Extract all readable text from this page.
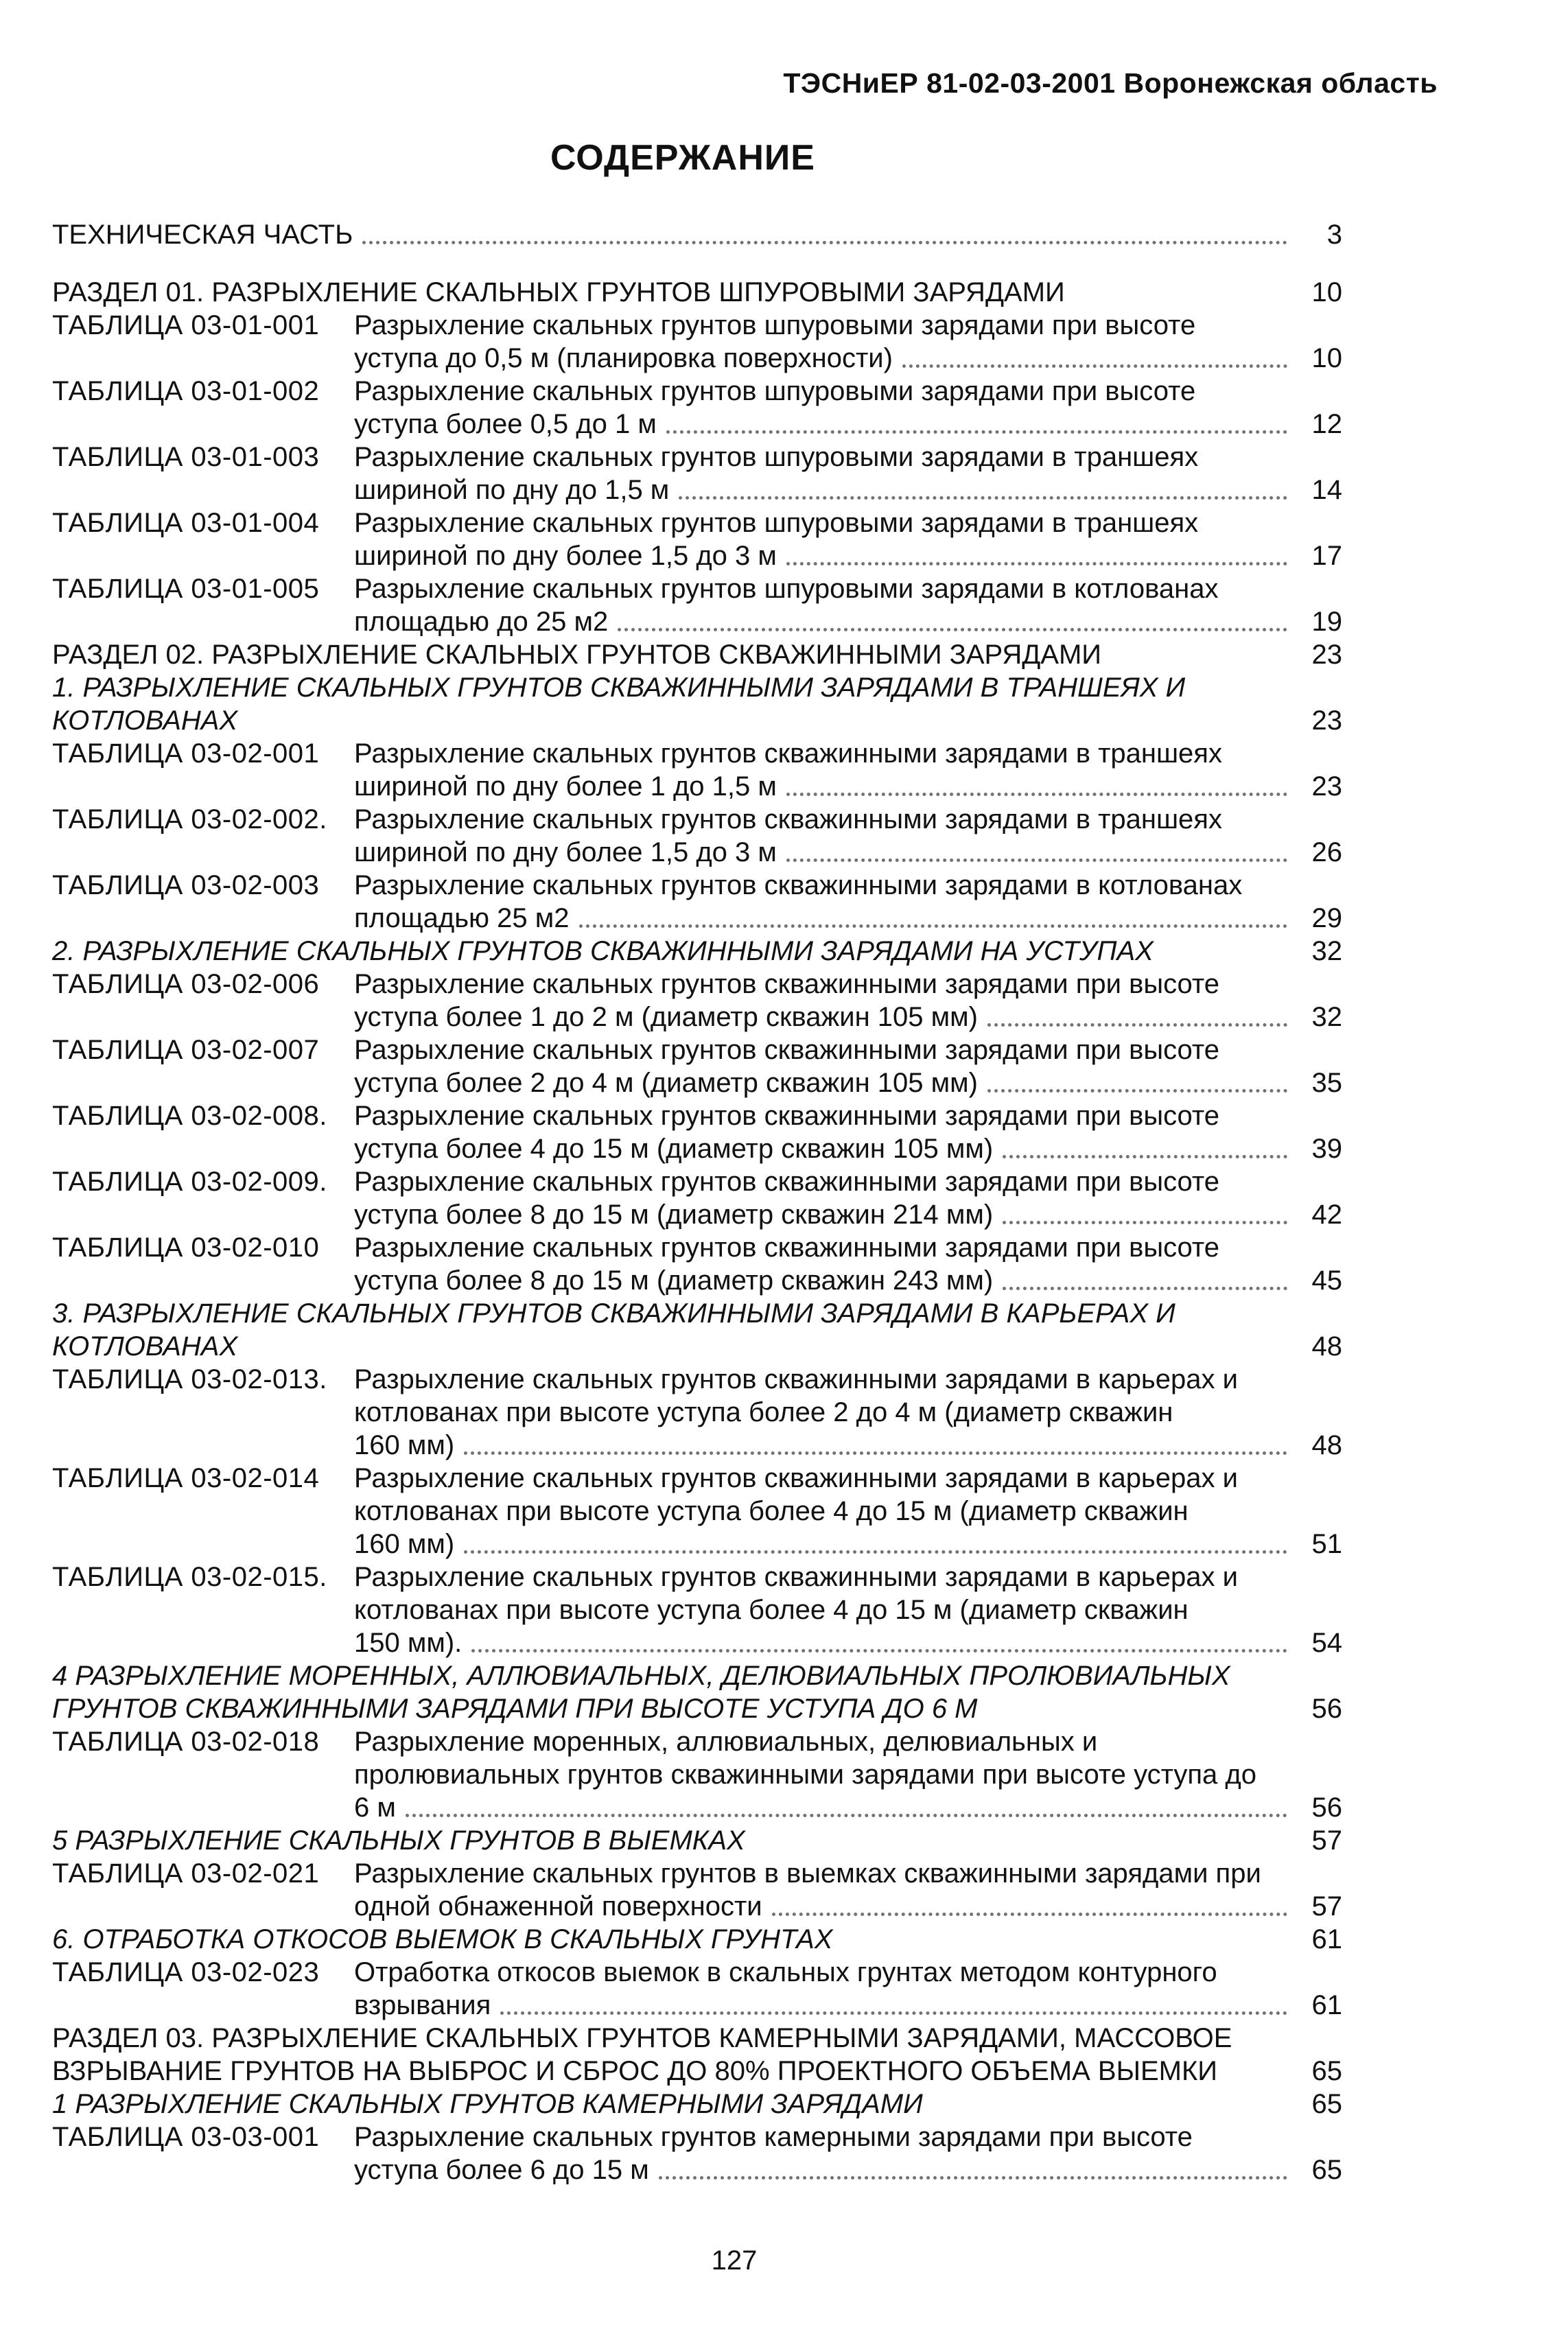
ТЭСНиЕР 81-02-03-2001 Воронежская область
СОДЕРЖАНИЕ
ТЕХНИЧЕСКАЯ ЧАСТЬ	3
РАЗДЕЛ 01. РАЗРЫХЛЕНИЕ СКАЛЬНЫХ ГРУНТОВ ШПУРОВЫМИ ЗАРЯДАМИ	10
ТАБЛИЦА 03-01-001	Разрыхление скальных грунтов шпуровыми зарядами при высоте
уступа до 0,5 м (планировка поверхности)	10
ТАБЛИЦА 03-01-002	Разрыхление скальных грунтов шпуровыми зарядами при высоте
уступа более 0,5 до 1 м	12
ТАБЛИЦА 03-01-003	Разрыхление скальных грунтов шпуровыми зарядами в траншеях
шириной по дну до 1,5 м	14
ТАБЛИЦА 03-01-004	Разрыхление скальных грунтов шпуровыми зарядами в траншеях
шириной по дну более 1,5 до 3 м	17
ТАБЛИЦА 03-01-005	Разрыхление скальных грунтов шпуровыми зарядами в котлованах
площадью до 25 м2	19
РАЗДЕЛ 02. РАЗРЫХЛЕНИЕ СКАЛЬНЫХ ГРУНТОВ СКВАЖИННЫМИ ЗАРЯДАМИ	23
1. РАЗРЫХЛЕНИЕ СКАЛЬНЫХ ГРУНТОВ СКВАЖИННЫМИ ЗАРЯДАМИ В ТРАНШЕЯХ И
КОТЛОВАНАХ	23
ТАБЛИЦА 03-02-001	Разрыхление скальных грунтов скважинными зарядами в траншеях
шириной по дну более 1 до 1,5 м	23
ТАБЛИЦА 03-02-002. Разрыхление скальных грунтов скважинными зарядами в траншеях
шириной по дну более 1,5 до 3 м	26
ТАБЛИЦА 03-02-003	Разрыхление скальных грунтов скважинными зарядами в котлованах
площадью 25 м2	29
2. РАЗРЫХЛЕНИЕ СКАЛЬНЫХ ГРУНТОВ СКВАЖИННЫМИ ЗАРЯДАМИ НА УСТУПАХ	32
ТАБЛИЦА 03-02-006	Разрыхление скальных грунтов скважинными зарядами при высоте
уступа более 1 до 2 м (диаметр скважин 105 мм)	32
ТАБЛИЦА 03-02-007	Разрыхление скальных грунтов скважинными зарядами при высоте
уступа более 2 до 4 м (диаметр скважин 105 мм)	35
ТАБЛИЦА 03-02-008. Разрыхление скальных грунтов скважинными зарядами при высоте
уступа более 4 до 15 м (диаметр скважин 105 мм)	39
ТАБЛИЦА 03-02-009. Разрыхление скальных грунтов скважинными зарядами при высоте
уступа более 8 до 15 м (диаметр скважин 214 мм)	42
ТАБЛИЦА 03-02-010	Разрыхление скальных грунтов скважинными зарядами при высоте
уступа более 8 до 15 м (диаметр скважин 243 мм)	45
3. РАЗРЫХЛЕНИЕ СКАЛЬНЫХ ГРУНТОВ СКВАЖИННЫМИ ЗАРЯДАМИ В КАРЬЕРАХ И
КОТЛОВАНАХ	48
ТАБЛИЦА 03-02-013. Разрыхление скальных грунтов скважинными зарядами в карьерах и
котлованах при высоте уступа более 2 до 4 м (диаметр скважин
160 мм)	48
ТАБЛИЦА 03-02-014	Разрыхление скальных грунтов скважинными зарядами в карьерах и
котлованах при высоте уступа более 4 до 15 м (диаметр скважин
160 мм)	51
ТАБЛИЦА 03-02-015. Разрыхление скальных грунтов скважинными зарядами в карьерах и
котлованах при высоте уступа более 4 до 15 м (диаметр скважин
150 мм).	54
4 РАЗРЫХЛЕНИЕ МОРЕННЫХ, АЛЛЮВИАЛЬНЫХ, ДЕЛЮВИАЛЬНЫХ ПРОЛЮВИАЛЬНЫХ
ГРУНТОВ СКВАЖИННЫМИ ЗАРЯДАМИ ПРИ ВЫСОТЕ УСТУПА ДО 6 М	56
ТАБЛИЦА 03-02-018	Разрыхление моренных, аллювиальных, делювиальных и
пролювиальных грунтов скважинными зарядами при высоте уступа до
6 м	56
5 РАЗРЫХЛЕНИЕ СКАЛЬНЫХ ГРУНТОВ В ВЫЕМКАХ	57
ТАБЛИЦА 03-02-021	Разрыхление скальных грунтов в выемках скважинными зарядами при
одной обнаженной поверхности	57
6. ОТРАБОТКА ОТКОСОВ ВЫЕМОК В СКАЛЬНЫХ ГРУНТАХ	61
ТАБЛИЦА 03-02-023	Отработка откосов выемок в скальных грунтах методом контурного
взрывания	61
РАЗДЕЛ 03. РАЗРЫХЛЕНИЕ СКАЛЬНЫХ ГРУНТОВ КАМЕРНЫМИ ЗАРЯДАМИ, МАССОВОЕ
ВЗРЫВАНИЕ ГРУНТОВ НА ВЫБРОС И СБРОС ДО 80% ПРОЕКТНОГО ОБЪЕМА ВЫЕМКИ	65
1 РАЗРЫХЛЕНИЕ СКАЛЬНЫХ ГРУНТОВ КАМЕРНЫМИ ЗАРЯДАМИ	65
ТАБЛИЦА 03-03-001	Разрыхление скальных грунтов камерными зарядами при высоте
уступа более 6 до 15 м	65
127
